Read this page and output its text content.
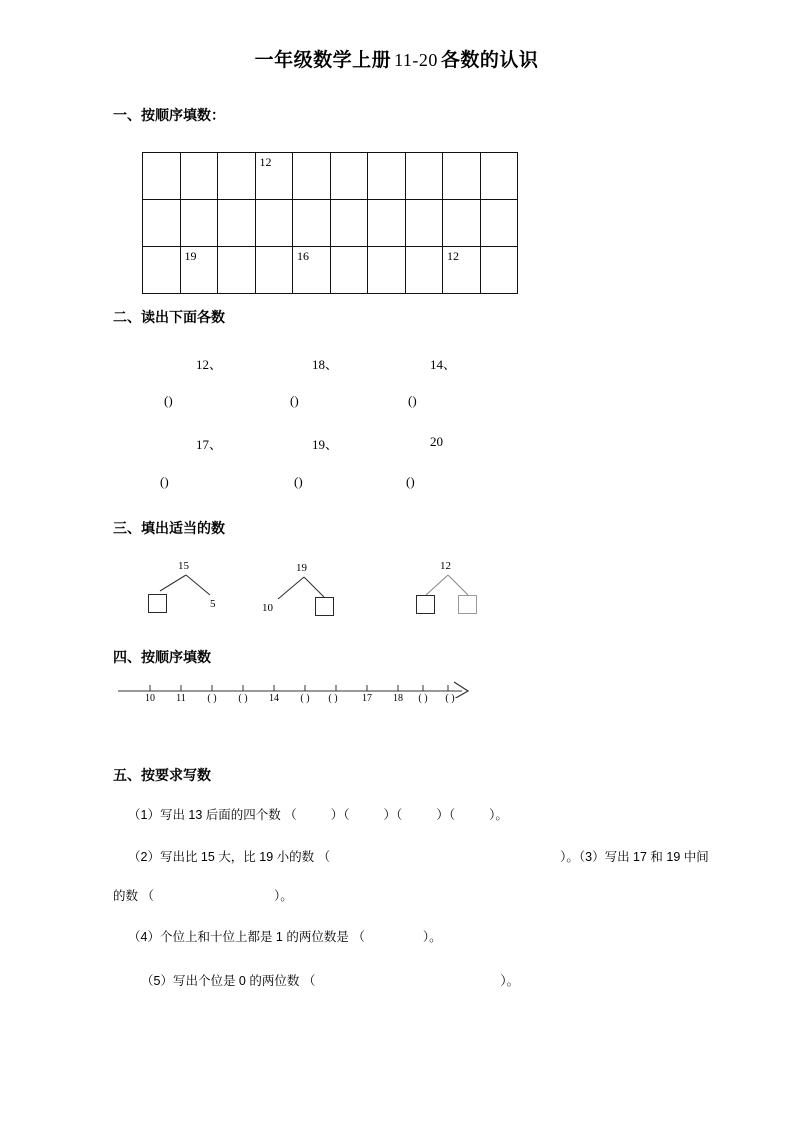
一年级数学上册 11-20 各数的认识
一、按顺序填数：
			12						

	19			16				12	
二、读出下面各数
12、	18、	14、
(
)	(
)	(
)
17、	19、	20
(
)	(
)	(
)
三、填出适当的数
15
5
19
10
12
四、按顺序填数
10 11 ( ) ( ) 14 ( ) ( ) 17 18 ( ) ( )
五、按要求写数
（1）写出 13 后面的四个数 （	）（	）（	）（	）。
（2）写出比 15 大，比 19 小的数 （	）。（3）写出 17 和 19 中间
的数 （	）。
（4）个位上和十位上都是 1 的两位数是 （	）。
（5）写出个位是 0 的两位数 （	）。
